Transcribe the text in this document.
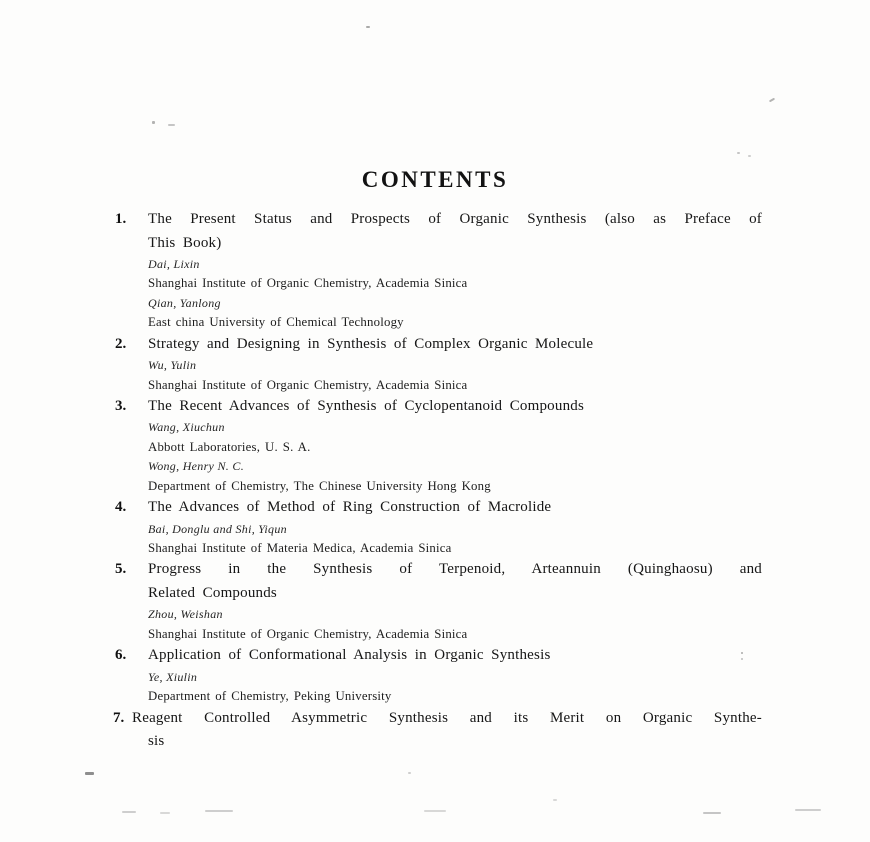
CONTENTS
1. The Present Status and Prospects of Organic Synthesis (also as Preface of
This Book)
Dai, Lixin
Shanghai Institute of Organic Chemistry, Academia Sinica
Qian, Yanlong
East china University of Chemical Technology
2. Strategy and Designing in Synthesis of Complex Organic Molecule
Wu, Yulin
Shanghai Institute of Organic Chemistry, Academia Sinica
3. The Recent Advances of Synthesis of Cyclopentanoid Compounds
Wang, Xiuchun
Abbott Laboratories, U. S. A.
Wong, Henry N. C.
Department of Chemistry, The Chinese University Hong Kong
4. The Advances of Method of Ring Construction of Macrolide
Bai, Donglu and Shi, Yiqun
Shanghai Institute of Materia Medica, Academia Sinica
5. Progress in the Synthesis of Terpenoid, Arteannuin (Quinghaosu) and
Related Compounds
Zhou, Weishan
Shanghai Institute of Organic Chemistry, Academia Sinica
6. Application of Conformational Analysis in Organic Synthesis
Ye, Xiulin
Department of Chemistry, Peking University
7. Reagent Controlled Asymmetric Synthesis and its Merit on Organic Synthe-
sis
